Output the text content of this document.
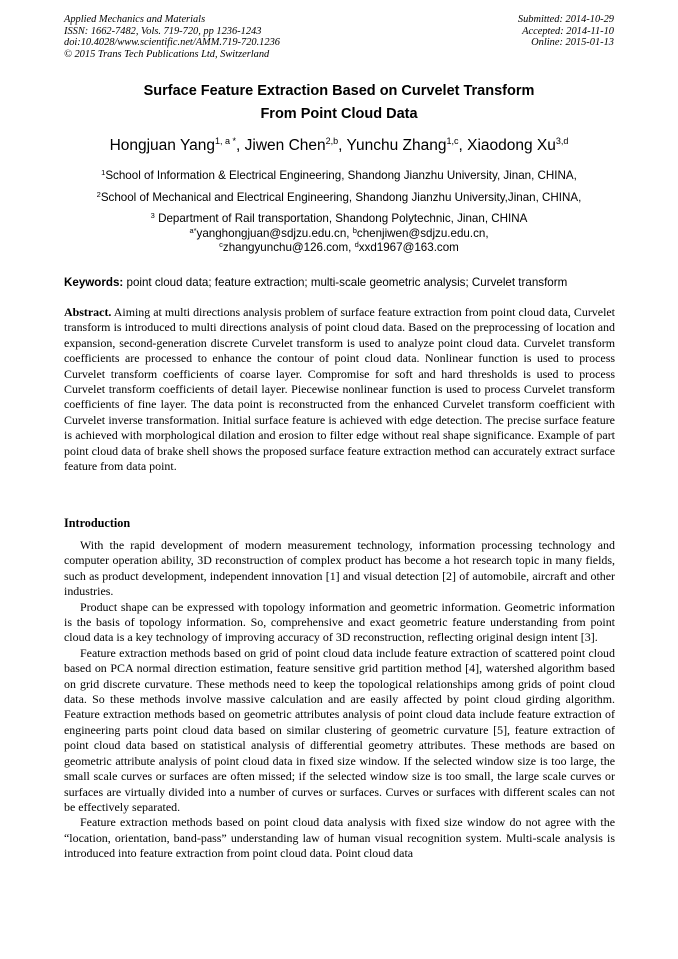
Applied Mechanics and Materials
ISSN: 1662-7482, Vols. 719-720, pp 1236-1243
doi:10.4028/www.scientific.net/AMM.719-720.1236
© 2015 Trans Tech Publications Ltd, Switzerland
Submitted: 2014-10-29
Accepted: 2014-11-10
Online: 2015-01-13
Surface Feature Extraction Based on Curvelet Transform
From Point Cloud Data
Hongjuan Yang$^{1, a *}$, Jiwen Chen$^{2,b}$, Yunchu Zhang$^{1,c}$, Xiaodong Xu$^{3,d}$
$^1$School of Information & Electrical Engineering, Shandong Jianzhu University, Jinan, CHINA,
$^2$School of Mechanical and Electrical Engineering, Shandong Jianzhu University,Jinan, CHINA,
$^3$ Department of Rail transportation, Shandong Polytechnic, Jinan, CHINA
$^{a*}$yanghongjuan@sdjzu.edu.cn, $^b$chenjiwen@sdjzu.edu.cn,
$^c$zhangyunchu@126.com, $^d$xxd1967@163.com
Keywords: point cloud data; feature extraction; multi-scale geometric analysis; Curvelet transform

Abstract. Aiming at multi directions analysis problem of surface feature extraction from point cloud data, Curvelet transform is introduced to multi directions analysis of point cloud data. Based on the preprocessing of location and expansion, second-generation discrete Curvelet transform is used to analyze point cloud data. Curvelet transform coefficients are processed to enhance the contour of point cloud data. Nonlinear function is used to process Curvelet transform coefficients of coarse layer. Compromise for soft and hard thresholds is used to process Curvelet transform coefficients of detail layer. Piecewise nonlinear function is used to process Curvelet transform coefficients of fine layer. The data point is reconstructed from the enhanced Curvelet transform coefficient with Curvelet inverse transformation. Initial surface feature is achieved with edge detection. The precise surface feature is achieved with morphological dilation and erosion to filter edge without real shape significance. Example of part point cloud data of brake shell shows the proposed surface feature extraction method can accurately extract surface feature from data point.

Introduction

With the rapid development of modern measurement technology, information processing technology and computer operation ability, 3D reconstruction of complex product has become a hot research topic in many fields, such as product development, independent innovation [1] and visual detection [2] of automobile, aircraft and other industries.

Product shape can be expressed with topology information and geometric information. Geometric information is the basis of topology information. So, comprehensive and exact geometric feature understanding from point cloud data is a key technology of improving accuracy of 3D reconstruction, reflecting original design intent [3].

Feature extraction methods based on grid of point cloud data include feature extraction of scattered point cloud based on PCA normal direction estimation, feature sensitive grid partition method [4], watershed algorithm based on grid discrete curvature. These methods need to keep the topological relationships among grids of point cloud data. So these methods involve massive calculation and are easily affected by point cloud girding algorithm. Feature extraction methods based on geometric attributes analysis of point cloud data include feature extraction of engineering parts point cloud data based on similar clustering of geometric curvature [5], feature extraction of point cloud data based on statistical analysis of differential geometry attributes. These methods are based on geometric attribute analysis of point cloud data in fixed size window. If the selected window size is too large, the small scale curves or surfaces are often missed; if the selected window size is too small, the large scale curves or surfaces are virtually divided into a number of curves or surfaces. Curves or surfaces with different scales can not be effectively separated.

Feature extraction methods based on point cloud data analysis with fixed size window do not agree with the “location, orientation, band-pass” understanding law of human visual recognition system. Multi-scale analysis is introduced into feature extraction from point cloud data. Point cloud data
